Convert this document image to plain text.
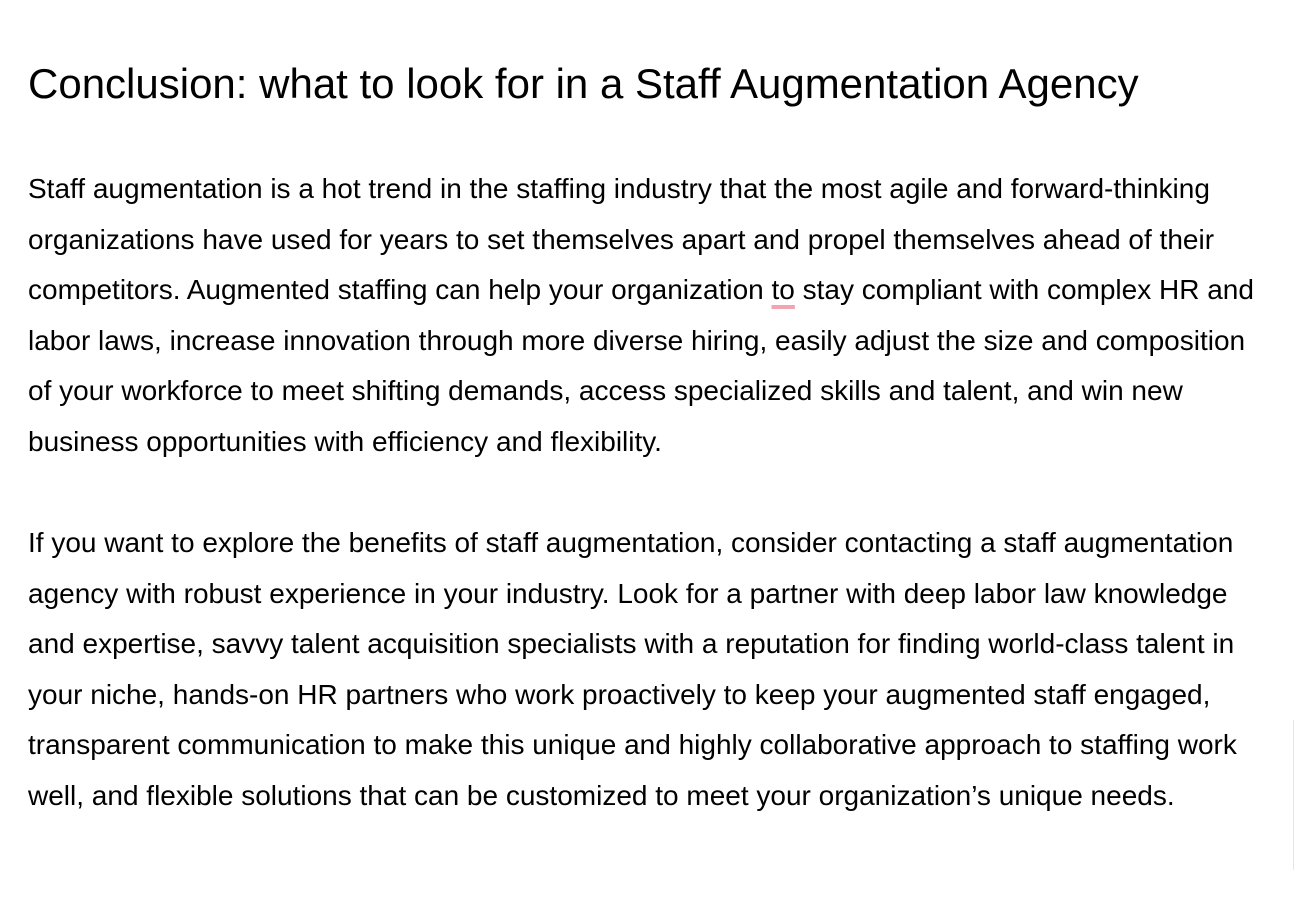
Conclusion: what to look for in a Staff Augmentation Agency

Staff augmentation is a hot trend in the staffing industry that the most agile and forward-thinking organizations have used for years to set themselves apart and propel themselves ahead of their competitors. Augmented staffing can help your organization to stay compliant with complex HR and labor laws, increase innovation through more diverse hiring, easily adjust the size and composition of your workforce to meet shifting demands, access specialized skills and talent, and win new business opportunities with efficiency and flexibility.

If you want to explore the benefits of staff augmentation, consider contacting a staff augmentation agency with robust experience in your industry. Look for a partner with deep labor law knowledge and expertise, savvy talent acquisition specialists with a reputation for finding world-class talent in your niche, hands-on HR partners who work proactively to keep your augmented staff engaged, transparent communication to make this unique and highly collaborative approach to staffing work well, and flexible solutions that can be customized to meet your organization’s unique needs.
